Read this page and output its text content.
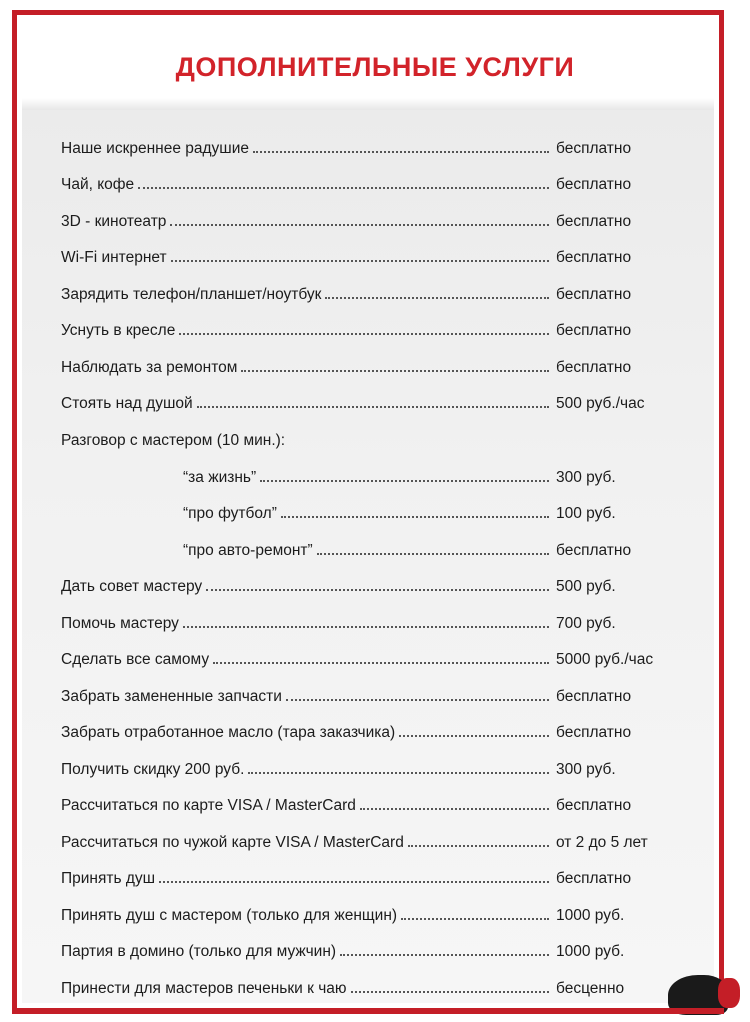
ДОПОЛНИТЕЛЬНЫЕ УСЛУГИ
Наше искреннее радушие	бесплатно
Чай, кофе	бесплатно
3D - кинотеатр	бесплатно
Wi-Fi интернет	бесплатно
Зарядить телефон/планшет/ноутбук	бесплатно
Уснуть в кресле	бесплатно
Наблюдать за ремонтом	бесплатно
Стоять над душой	500 руб./час
Разговор с мастером (10 мин.):
“за жизнь”	300 руб.
“про футбол”	100 руб.
“про авто-ремонт”	бесплатно
Дать совет мастеру	500 руб.
Помочь мастеру	700 руб.
Сделать все самому	5000 руб./час
Забрать замененные запчасти	бесплатно
Забрать отработанное масло (тара заказчика)	бесплатно
Получить скидку 200 руб.	300 руб.
Рассчитаться по карте VISA / MasterCard	бесплатно
Рассчитаться по чужой карте VISA / MasterCard	от 2 до 5 лет
Принять душ	бесплатно
Принять душ с мастером (только для женщин)	1000 руб.
Партия в домино (только для мужчин)	1000 руб.
Принести для мастеров печеньки к чаю	бесценно
